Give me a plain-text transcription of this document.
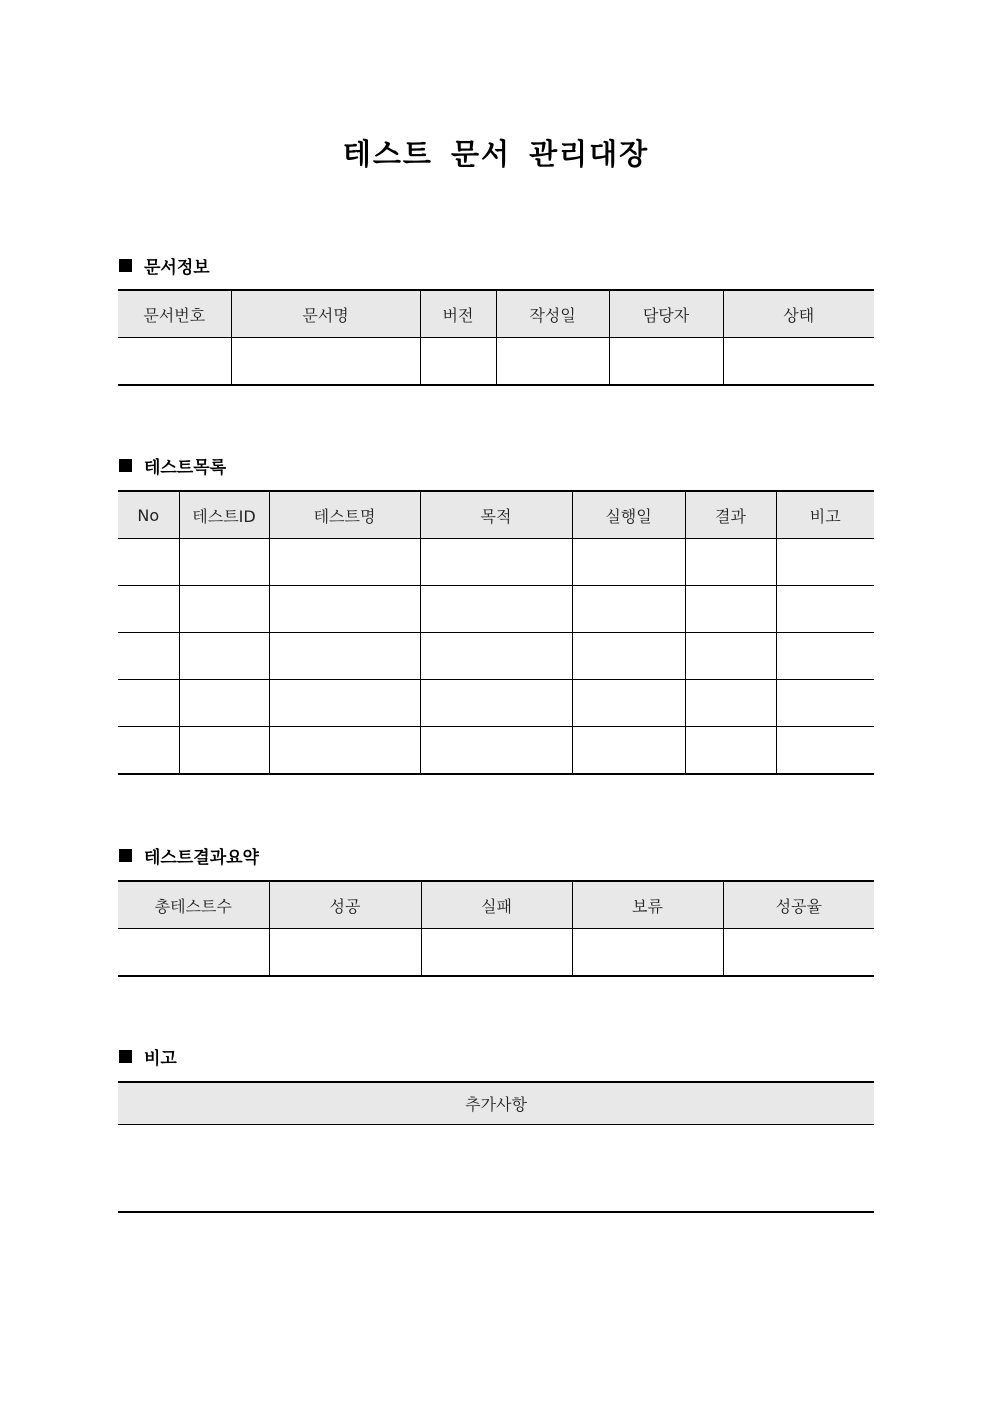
테스트 문서 관리대장
문서정보
문서번호	문서명	버전	작성일	담당자	상태

테스트목록
No	테스트ID	테스트명	목적	실행일	결과	비고

테스트결과요약
총테스트수	성공	실패	보류	성공율

비고
추가사항
